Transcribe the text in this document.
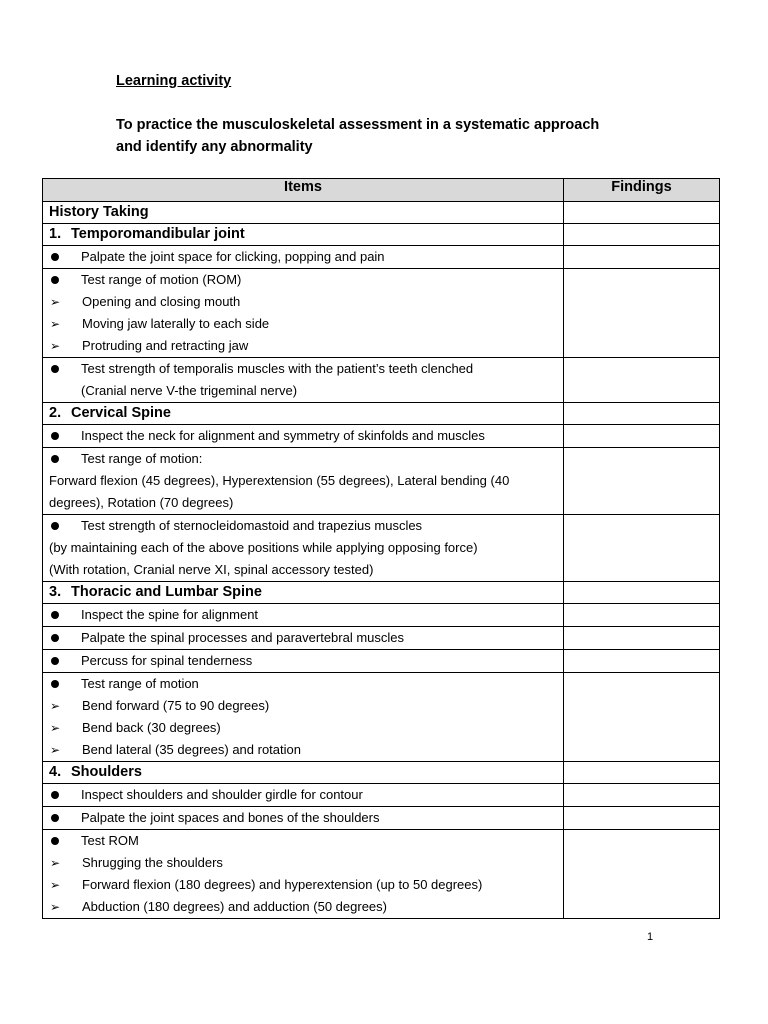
Learning activity
To practice the musculoskeletal assessment in a systematic approach
and identify any abnormality
Items	Findings
History Taking	
1. Temporomandibular joint	

Palpate the joint space for clicking, popping and pain	

Test range of motion (ROM)
➢ Opening and closing mouth
➢ Moving jaw laterally to each side
➢ Protruding and retracting jaw	

Test strength of temporalis muscles with the patient’s teeth clenched
(Cranial nerve V-the trigeminal nerve)	

2. Cervical Spine	

Inspect the neck for alignment and symmetry of skinfolds and muscles	

Test range of motion:
Forward flexion (45 degrees), Hyperextension (55 degrees), Lateral bending (40
degrees), Rotation (70 degrees)	

Test strength of sternocleidomastoid and trapezius muscles
(by maintaining each of the above positions while applying opposing force)
(With rotation, Cranial nerve XI, spinal accessory tested)	

3. Thoracic and Lumbar Spine	

Inspect the spine for alignment	

Palpate the spinal processes and paravertebral muscles	

Percuss for spinal tenderness	

Test range of motion
➢ Bend forward (75 to 90 degrees)
➢ Bend back (30 degrees)
➢ Bend lateral (35 degrees) and rotation	

4. Shoulders	

Inspect shoulders and shoulder girdle for contour	

Palpate the joint spaces and bones of the shoulders	

Test ROM
➢ Shrugging the shoulders
➢ Forward flexion (180 degrees) and hyperextension (up to 50 degrees)
➢ Abduction (180 degrees) and adduction (50 degrees)	

1
